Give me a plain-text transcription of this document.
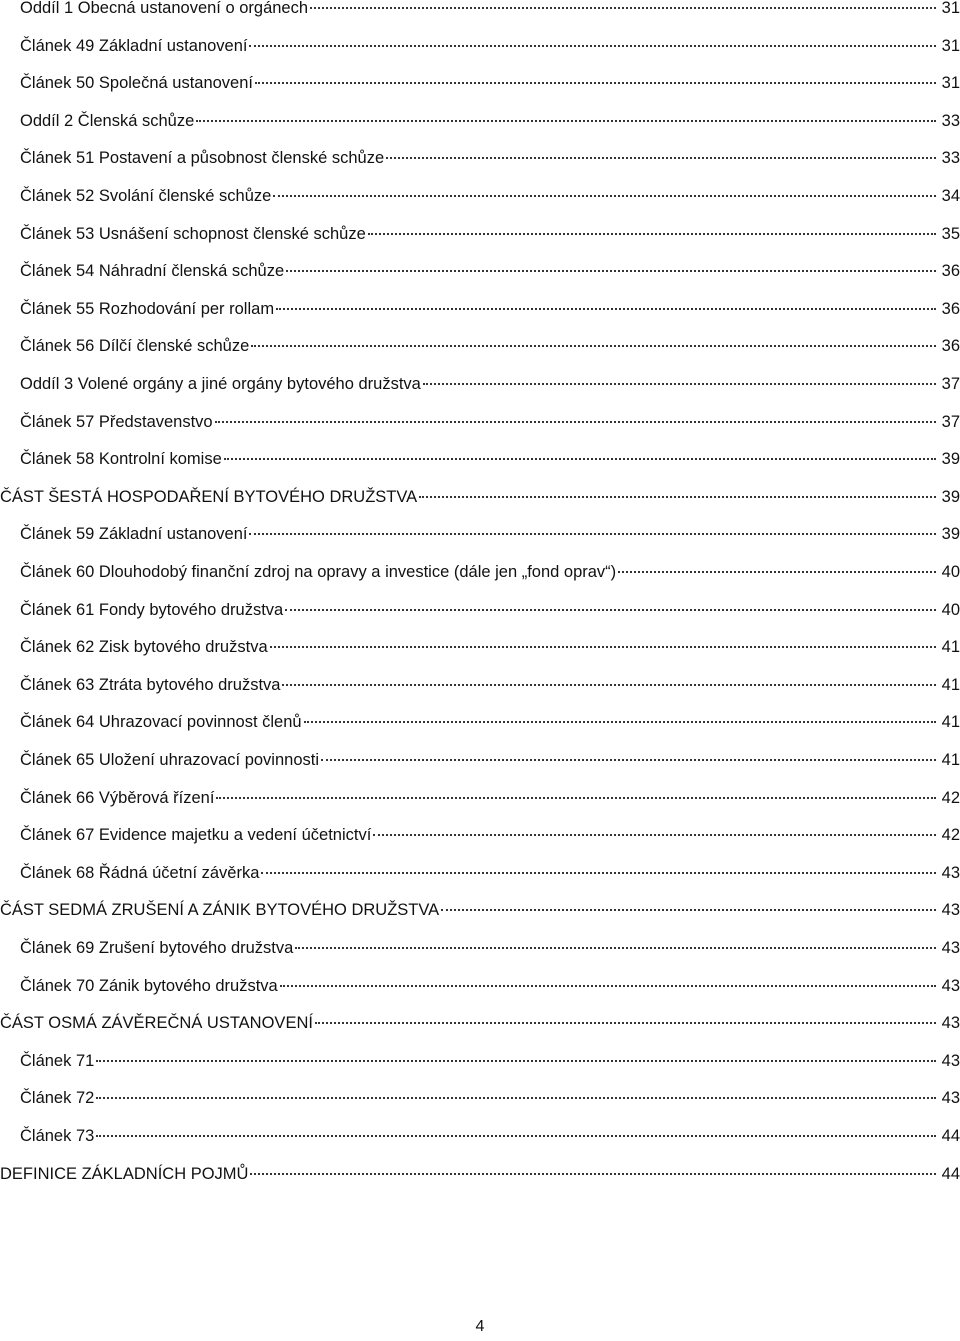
Oddíl 1 Obecná ustanovení o orgánech	31
Článek 49 Základní ustanovení	31
Článek 50 Společná ustanovení	31
Oddíl 2 Členská schůze	33
Článek 51 Postavení a působnost členské schůze	33
Článek 52 Svolání členské schůze	34
Článek 53 Usnášení schopnost členské schůze	35
Článek 54 Náhradní členská schůze	36
Článek 55 Rozhodování per rollam	36
Článek 56 Dílčí členské schůze	36
Oddíl 3 Volené orgány a jiné orgány bytového družstva	37
Článek 57 Představenstvo	37
Článek 58 Kontrolní komise	39
ČÁST ŠESTÁ HOSPODAŘENÍ BYTOVÉHO DRUŽSTVA	39
Článek 59 Základní ustanovení	39
Článek 60 Dlouhodobý finanční zdroj na opravy a investice (dále jen „fond oprav“)	40
Článek 61 Fondy bytového družstva	40
Článek 62 Zisk bytového družstva	41
Článek 63 Ztráta bytového družstva	41
Článek 64 Uhrazovací povinnost členů	41
Článek 65 Uložení uhrazovací povinnosti	41
Článek 66 Výběrová řízení	42
Článek 67 Evidence majetku a vedení účetnictví	42
Článek 68 Řádná účetní závěrka	43
ČÁST SEDMÁ ZRUŠENÍ A ZÁNIK BYTOVÉHO DRUŽSTVA	43
Článek 69 Zrušení bytového družstva	43
Článek 70 Zánik bytového družstva	43
ČÁST OSMÁ ZÁVĚREČNÁ USTANOVENÍ	43
Článek 71	43
Článek 72	43
Článek 73	44
DEFINICE ZÁKLADNÍCH POJMŮ	44
4
